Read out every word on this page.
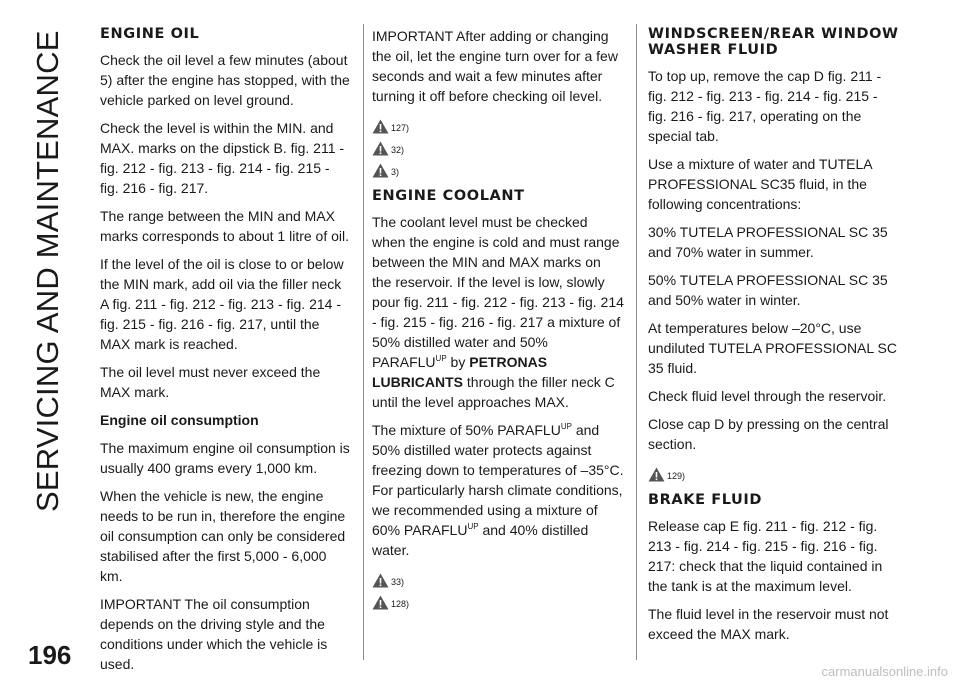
SERVICING AND MAINTENANCE
196
ENGINE OIL

Check the oil level a few minutes (about 5) after the engine has stopped, with the vehicle parked on level ground.

Check the level is within the MIN. and MAX. marks on the dipstick B. fig. 211 - fig. 212 - fig. 213 - fig. 214 - fig. 215 - fig. 216 - fig. 217.

The range between the MIN and MAX marks corresponds to about 1 litre of oil.

If the level of the oil is close to or below the MIN mark, add oil via the filler neck A fig. 211 - fig. 212 - fig. 213 - fig. 214 - fig. 215 - fig. 216 - fig. 217, until the MAX mark is reached.

The oil level must never exceed the MAX mark.

Engine oil consumption

The maximum engine oil consumption is usually 400 grams every 1,000 km.

When the vehicle is new, the engine needs to be run in, therefore the engine oil consumption can only be considered stabilised after the first 5,000 - 6,000 km.

IMPORTANT The oil consumption depends on the driving style and the conditions under which the vehicle is used.

IMPORTANT After adding or changing the oil, let the engine turn over for a few seconds and wait a few minutes after turning it off before checking oil level.

127)
32)
3)
ENGINE COOLANT

The coolant level must be checked when the engine is cold and must range between the MIN and MAX marks on the reservoir. If the level is low, slowly pour fig. 211 - fig. 212 - fig. 213 - fig. 214 - fig. 215 - fig. 216 - fig. 217 a mixture of 50% distilled water and 50% $PARAFLU^{UP}$ by PETRONAS LUBRICANTS through the filler neck C until the level approaches MAX.

The mixture of 50% $PARAFLU^{UP}$ and 50% distilled water protects against freezing down to temperatures of –35°C. For particularly harsh climate conditions, we recommended using a mixture of 60% $PARAFLU^{UP}$ and 40% distilled water.

33)
128)
WINDSCREEN/REAR WINDOW WASHER FLUID

To top up, remove the cap D fig. 211 - fig. 212 - fig. 213 - fig. 214 - fig. 215 - fig. 216 - fig. 217, operating on the special tab.

Use a mixture of water and TUTELA PROFESSIONAL SC35 fluid, in the following concentrations:

30% TUTELA PROFESSIONAL SC 35 and 70% water in summer.

50% TUTELA PROFESSIONAL SC 35 and 50% water in winter.

At temperatures below –20°C, use undiluted TUTELA PROFESSIONAL SC 35 fluid.

Check fluid level through the reservoir.

Close cap D by pressing on the central section.

129)
BRAKE FLUID

Release cap E fig. 211 - fig. 212 - fig. 213 - fig. 214 - fig. 215 - fig. 216 - fig. 217: check that the liquid contained in the tank is at the maximum level.

The fluid level in the reservoir must not exceed the MAX mark.

carmanualsonline.info
